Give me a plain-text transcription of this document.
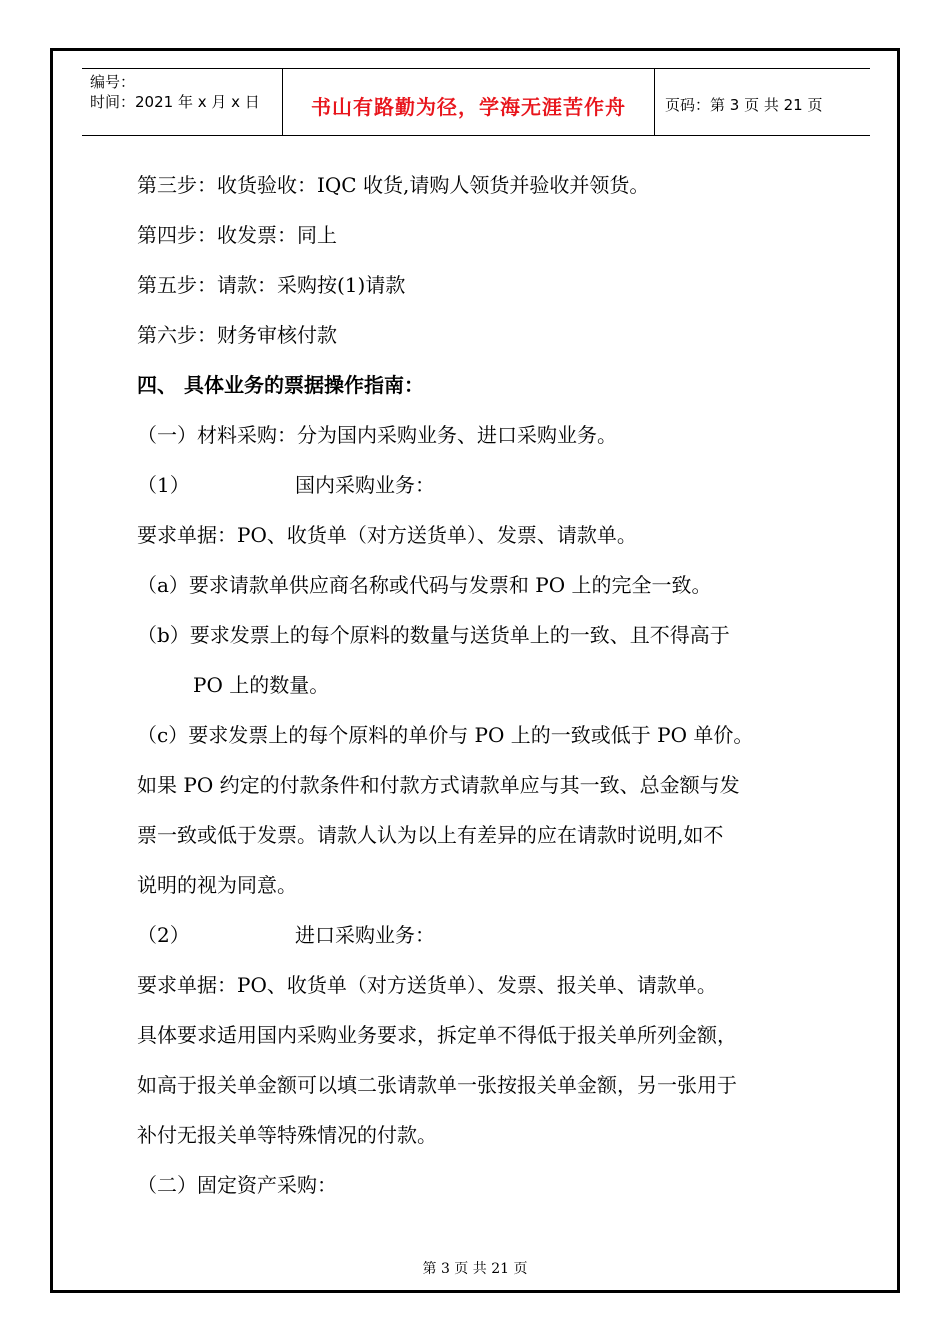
编号：
时间：2021 年 x 月 x 日	书山有路勤为径，学海无涯苦作舟	页码：第 3 页 共 21 页
第三步：收货验收：IQC 收货,请购人领货并验收并领货。
第四步：收发票：同上
第五步：请款：采购按(1)请款
第六步：财务审核付款
四、 具体业务的票据操作指南：
（一）材料采购：分为国内采购业务、进口采购业务。
（1）	国内采购业务：
要求单据：PO、收货单（对方送货单）、发票、请款单。
（a）要求请款单供应商名称或代码与发票和 PO 上的完全一致。
（b）要求发票上的每个原料的数量与送货单上的一致、且不得高于
PO 上的数量。
（c）要求发票上的每个原料的单价与 PO 上的一致或低于 PO 单价。
如果 PO 约定的付款条件和付款方式请款单应与其一致、总金额与发
票一致或低于发票。请款人认为以上有差异的应在请款时说明,如不
说明的视为同意。
（2）	进口采购业务：
要求单据：PO、收货单（对方送货单）、发票、报关单、请款单。
具体要求适用国内采购业务要求，拆定单不得低于报关单所列金额，
如高于报关单金额可以填二张请款单一张按报关单金额，另一张用于
补付无报关单等特殊情况的付款。
（二）固定资产采购：
第 3 页 共 21 页
